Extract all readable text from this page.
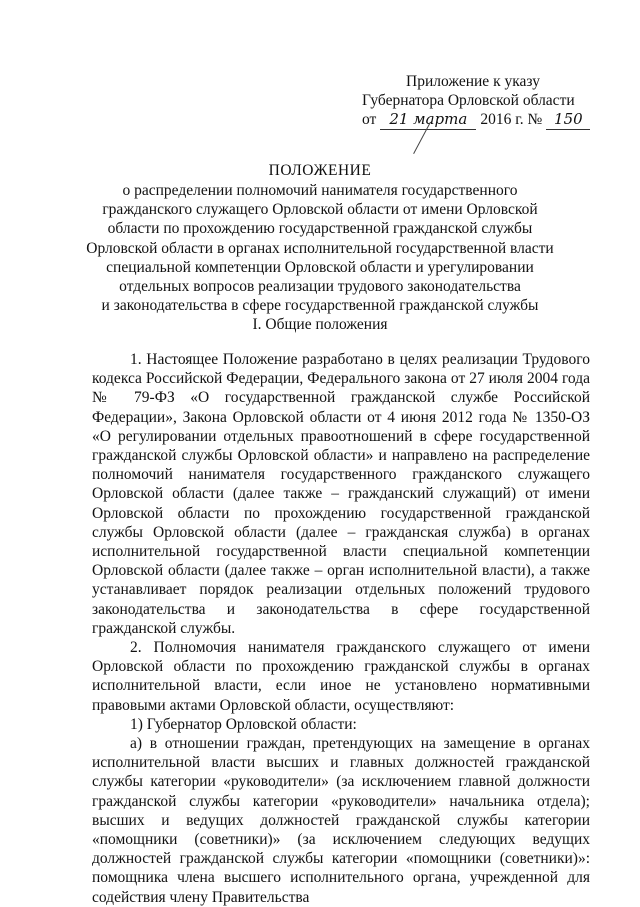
Приложение к указу
Губернатора Орловской области
от 21 марта 2016 г. № 150
ПОЛОЖЕНИЕ
о распределении полномочий нанимателя государственного
гражданского служащего Орловской области от имени Орловской
области по прохождению государственной гражданской службы
Орловской области в органах исполнительной государственной власти
специальной компетенции Орловской области и урегулировании
отдельных вопросов реализации трудового законодательства
и законодательства в сфере государственной гражданской службы
I. Общие положения

1. Настоящее Положение разработано в целях реализации Трудового кодекса Российской Федерации, Федерального закона от 27 июля 2004 года № 79-ФЗ «О государственной гражданской службе Российской Федерации», Закона Орловской области от 4 июня 2012 года № 1350-ОЗ «О регулировании отдельных правоотношений в сфере государственной гражданской службы Орловской области» и направлено на распределение полномочий нанимателя государственного гражданского служащего Орловской области (далее также – гражданский служащий) от имени Орловской области по прохождению государственной гражданской службы Орловской области (далее – гражданская служба) в органах исполнительной государственной власти специальной компетенции Орловской области (далее также – орган исполнительной власти), а также устанавливает порядок реализации отдельных положений трудового законодательства и законодательства в сфере государственной гражданской службы.

2. Полномочия нанимателя гражданского служащего от имени Орловской области по прохождению гражданской службы в органах исполнительной власти, если иное не установлено нормативными правовыми актами Орловской области, осуществляют:

1) Губернатор Орловской области:

а) в отношении граждан, претендующих на замещение в органах исполнительной власти высших и главных должностей гражданской службы категории «руководители» (за исключением главной должности гражданской службы категории «руководители» начальника отдела); высших и ведущих должностей гражданской службы категории «помощники (советники)» (за исключением следующих ведущих должностей гражданской службы категории «помощники (советники)»: помощника члена высшего исполнительного органа, учрежденной для содействия члену Правительства
